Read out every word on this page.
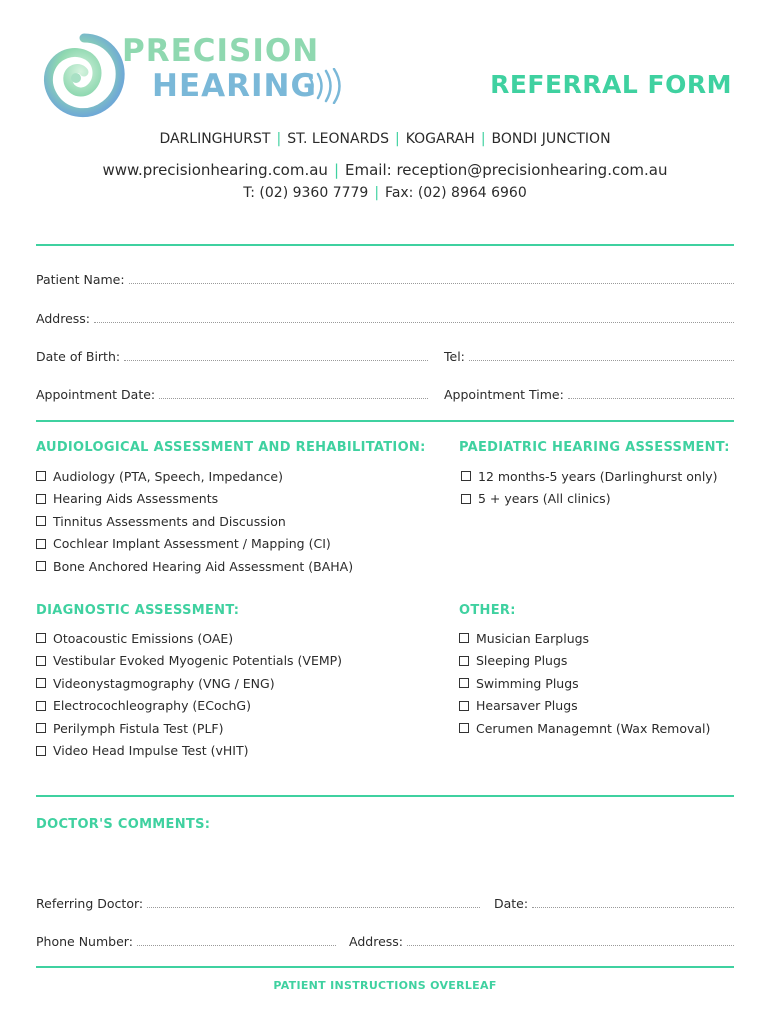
PRECISION
HEARING	REFERRAL FORM
DARLINGHURST | ST. LEONARDS | KOGARAH | BONDI JUNCTION
www.precisionhearing.com.au | Email: reception@precisionhearing.com.au
T: (02) 9360 7779 | Fax: (02) 8964 6960
Patient Name:
Address:
Date of Birth:	Tel:
Appointment Date:	Appointment Time:
AUDIOLOGICAL ASSESSMENT AND REHABILITATION:
Audiology (PTA, Speech, Impedance)
Hearing Aids Assessments
Tinnitus Assessments and Discussion
Cochlear Implant Assessment / Mapping (CI)
Bone Anchored Hearing Aid Assessment (BAHA)
PAEDIATRIC HEARING ASSESSMENT:
12 months-5 years (Darlinghurst only)
5 + years (All clinics)
DIAGNOSTIC ASSESSMENT:
Otoacoustic Emissions (OAE)
Vestibular Evoked Myogenic Potentials (VEMP)
Videonystagmography (VNG / ENG)
Electrocochleography (ECochG)
Perilymph Fistula Test (PLF)
Video Head Impulse Test (vHIT)
OTHER:
Musician Earplugs
Sleeping Plugs
Swimming Plugs
Hearsaver Plugs
Cerumen Managemnt (Wax Removal)
DOCTOR'S COMMENTS:
Referring Doctor:	Date:
Phone Number:	Address:
PATIENT INSTRUCTIONS OVERLEAF
